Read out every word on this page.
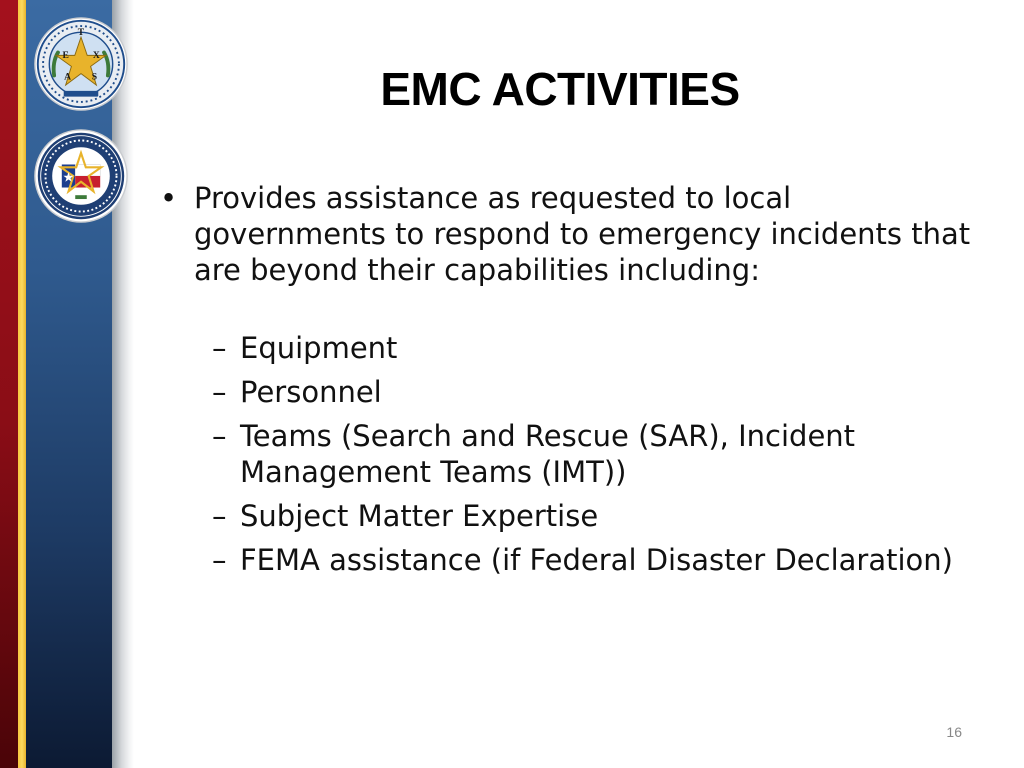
T
E X
A S	EMC ACTIVITIES
• Provides assistance as requested to local governments to respond to emergency incidents that are beyond their capabilities including:
– Equipment
– Personnel
– Teams (Search and Rescue (SAR), Incident Management Teams (IMT))
– Subject Matter Expertise
– FEMA assistance (if Federal Disaster Declaration)
16
